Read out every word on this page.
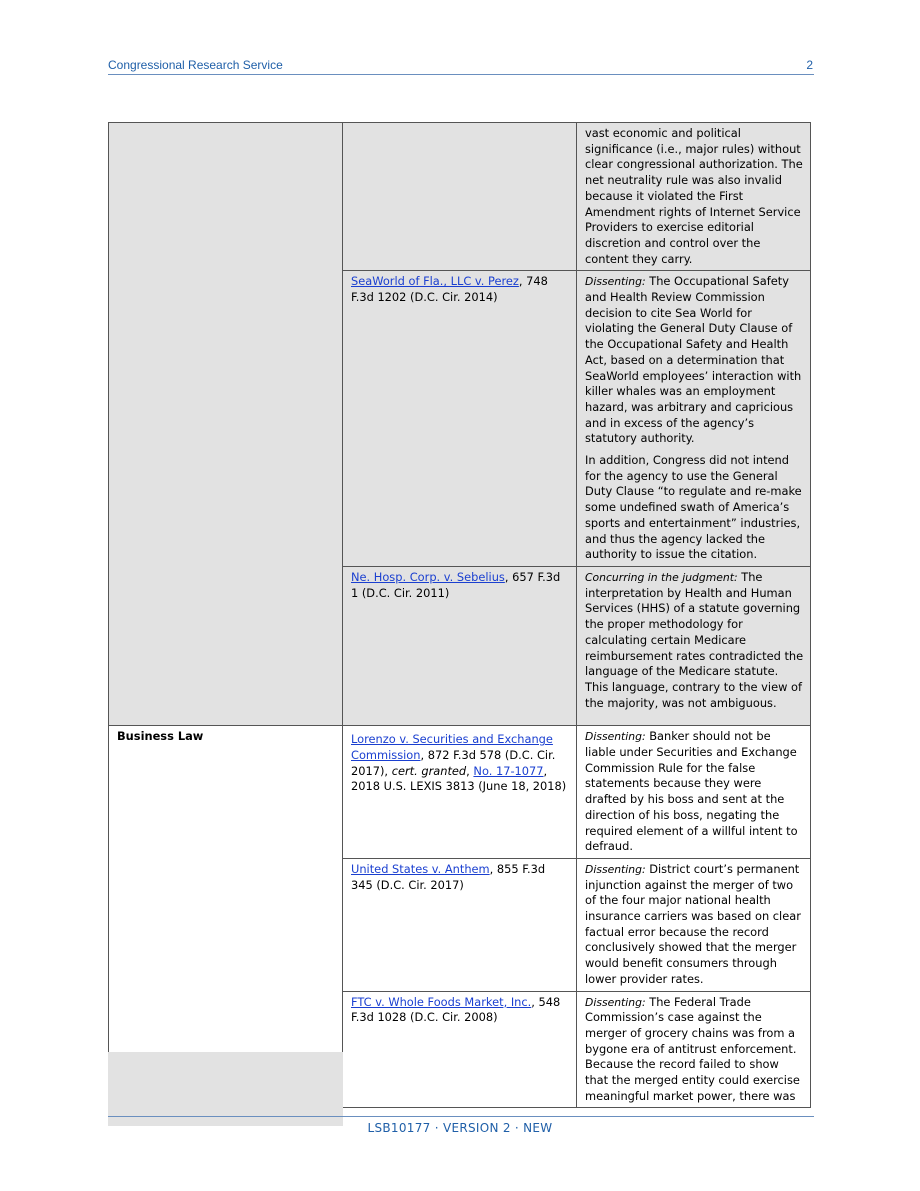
Congressional Research Service	2

vast economic and political significance (i.e., major rules) without clear congressional authorization. The net neutrality rule was also invalid because it violated the First Amendment rights of Internet Service Providers to exercise editorial discretion and control over the content they carry.

SeaWorld of Fla., LLC v. Perez, 748 F.3d 1202 (D.C. Cir. 2014)

Dissenting: The Occupational Safety and Health Review Commission decision to cite Sea World for violating the General Duty Clause of the Occupational Safety and Health Act, based on a determination that SeaWorld employees’ interaction with killer whales was an employment hazard, was arbitrary and capricious and in excess of the agency’s statutory authority.

In addition, Congress did not intend for the agency to use the General Duty Clause “to regulate and re-make some undefined swath of America’s sports and entertainment” industries, and thus the agency lacked the authority to issue the citation.

Ne. Hosp. Corp. v. Sebelius, 657 F.3d 1 (D.C. Cir. 2011)

Concurring in the judgment: The interpretation by Health and Human Services (HHS) of a statute governing the proper methodology for calculating certain Medicare reimbursement rates contradicted the language of the Medicare statute. This language, contrary to the view of the majority, was not ambiguous.

Business Law	Lorenzo v. Securities and Exchange Commission, 872 F.3d 578 (D.C. Cir. 2017), cert. granted, No. 17-1077, 2018 U.S. LEXIS 3813 (June 18, 2018)

Dissenting: Banker should not be liable under Securities and Exchange Commission Rule for the false statements because they were drafted by his boss and sent at the direction of his boss, negating the required element of a willful intent to defraud.

United States v. Anthem, 855 F.3d 345 (D.C. Cir. 2017)

Dissenting: District court’s permanent injunction against the merger of two of the four major national health insurance carriers was based on clear factual error because the record conclusively showed that the merger would benefit consumers through lower provider rates.

FTC v. Whole Foods Market, Inc., 548 F.3d 1028 (D.C. Cir. 2008)

Dissenting: The Federal Trade Commission’s case against the merger of grocery chains was from a bygone era of antitrust enforcement. Because the record failed to show that the merged entity could exercise meaningful market power, there was

LSB10177 · VERSION 2 · NEW
